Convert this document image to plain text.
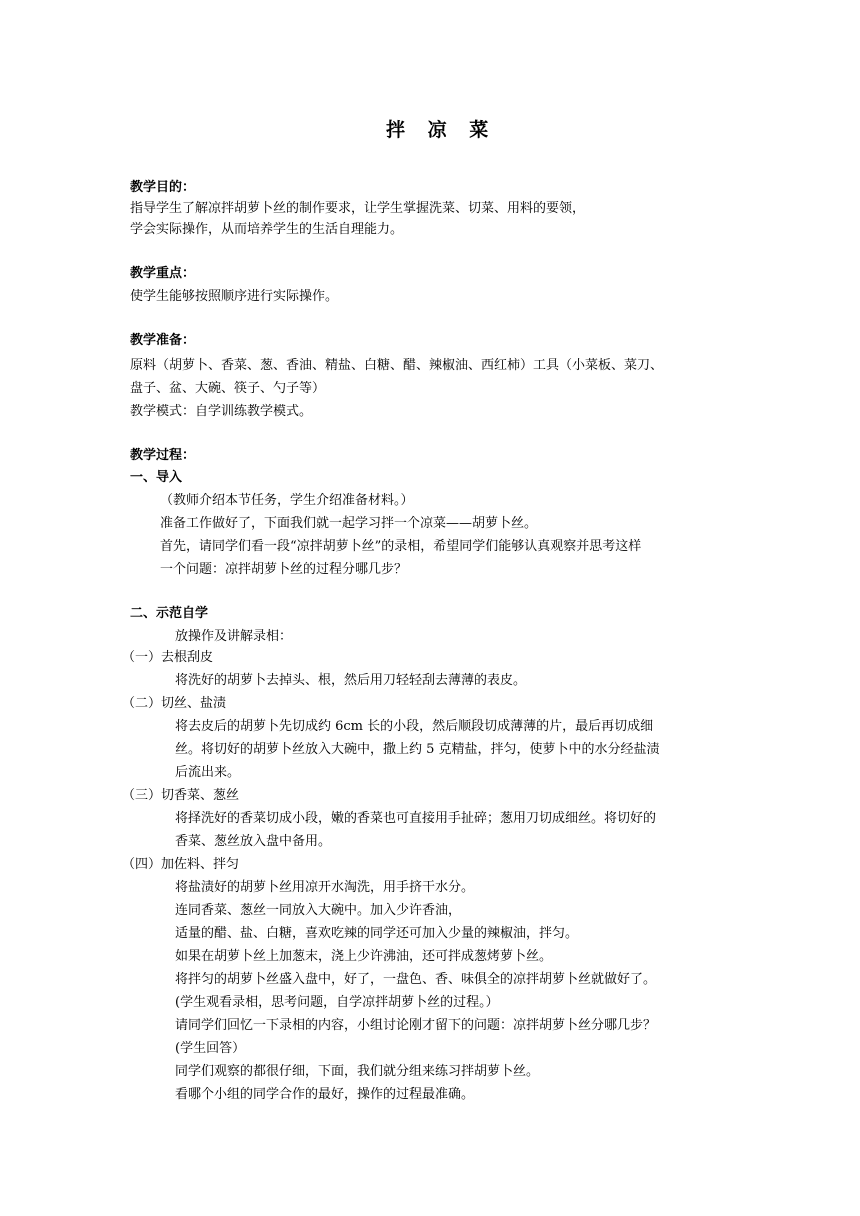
拌 凉 菜
教学目的：
指导学生了解凉拌胡萝卜丝的制作要求，让学生掌握洗菜、切菜、用料的要领，
学会实际操作，从而培养学生的生活自理能力。
教学重点：
使学生能够按照顺序进行实际操作。
教学准备：
原料（胡萝卜、香菜、葱、香油、精盐、白糖、醋、辣椒油、西红柿）工具（小菜板、菜刀、
盘子、盆、大碗、筷子、勺子等）
教学模式：自学训练教学模式。
教学过程：
一、导入
（教师介绍本节任务，学生介绍准备材料。）
准备工作做好了，下面我们就一起学习拌一个凉菜——胡萝卜丝。
首先，请同学们看一段“凉拌胡萝卜丝”的录相，希望同学们能够认真观察并思考这样
一个问题：凉拌胡萝卜丝的过程分哪几步？
二、示范自学
放操作及讲解录相：
（一）去根刮皮
将洗好的胡萝卜去掉头、根，然后用刀轻轻刮去薄薄的表皮。
（二）切丝、盐渍
将去皮后的胡萝卜先切成约 6cm 长的小段，然后顺段切成薄薄的片，最后再切成细
丝。将切好的胡萝卜丝放入大碗中，撒上约 5 克精盐，拌匀，使萝卜中的水分经盐渍
后流出来。
（三）切香菜、葱丝
将择洗好的香菜切成小段，嫩的香菜也可直接用手扯碎；葱用刀切成细丝。将切好的
香菜、葱丝放入盘中备用。
（四）加佐料、拌匀
将盐渍好的胡萝卜丝用凉开水淘洗，用手挤干水分。
连同香菜、葱丝一同放入大碗中。加入少许香油，
适量的醋、盐、白糖，喜欢吃辣的同学还可加入少量的辣椒油，拌匀。
如果在胡萝卜丝上加葱末，浇上少许沸油，还可拌成葱烤萝卜丝。
将拌匀的胡萝卜丝盛入盘中，好了，一盘色、香、味俱全的凉拌胡萝卜丝就做好了。
(学生观看录相，思考问题，自学凉拌胡萝卜丝的过程。）
请同学们回忆一下录相的内容，小组讨论刚才留下的问题：凉拌胡萝卜丝分哪几步？
(学生回答）
同学们观察的都很仔细，下面，我们就分组来练习拌胡萝卜丝。
看哪个小组的同学合作的最好，操作的过程最准确。
